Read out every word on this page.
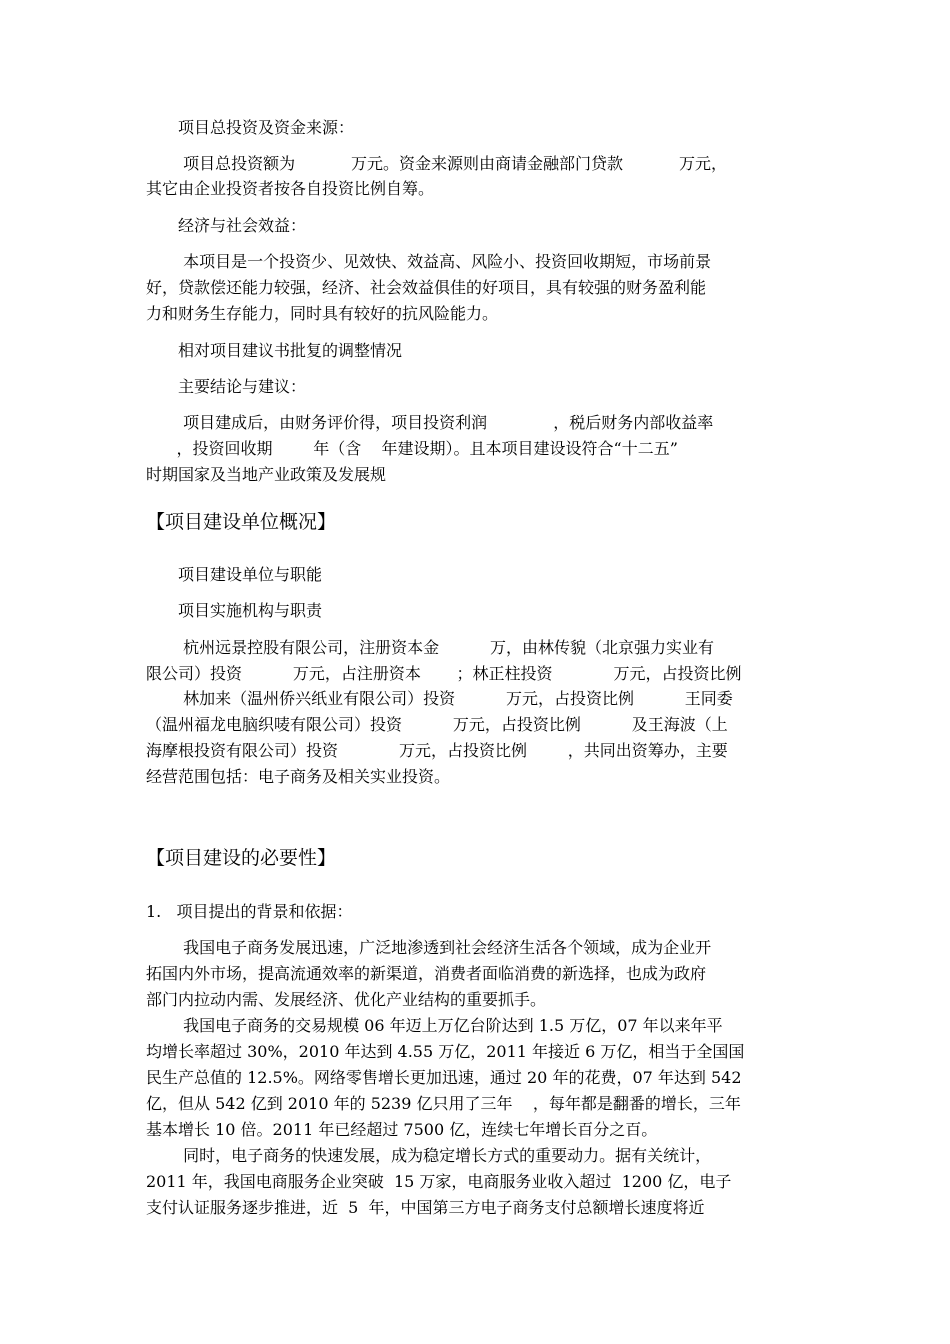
项目总投资及资金来源：
项目总投资额为           万元。资金来源则由商请金融部门贷款           万元，
其它由企业投资者按各自投资比例自筹。
经济与社会效益：
本项目是一个投资少、见效快、效益高、风险小、投资回收期短，市场前景
好，贷款偿还能力较强，经济、社会效益俱佳的好项目，具有较强的财务盈利能
力和财务生存能力，同时具有较好的抗风险能力。
相对项目建议书批复的调整情况
主要结论与建议：
项目建成后，由财务评价得，项目投资利润             ，税后财务内部收益率
，投资回收期        年（含    年建设期）。且本项目建设设符合“十二五”
时期国家及当地产业政策及发展规
【项目建设单位概况】
项目建设单位与职能
项目实施机构与职责
杭州远景控股有限公司，注册资本金          万，由林传貌（北京强力实业有
限公司）投资          万元，占注册资本       ；林正柱投资            万元，占投资比例
林加来（温州侨兴纸业有限公司）投资          万元，占投资比例          王同委
（温州福龙电脑织唛有限公司）投资          万元，占投资比例          及王海波（上
海摩根投资有限公司）投资            万元，占投资比例        ，共同出资筹办，主要
经营范围包括：电子商务及相关实业投资。
【项目建设的必要性】
1.   项目提出的背景和依据：
我国电子商务发展迅速，广泛地渗透到社会经济生活各个领域，成为企业开
拓国内外市场，提高流通效率的新渠道，消费者面临消费的新选择，也成为政府
部门内拉动内需、发展经济、优化产业结构的重要抓手。
我国电子商务的交易规模 06 年迈上万亿台阶达到 1.5 万亿，07 年以来年平
均增长率超过 30%，2010 年达到 4.55 万亿，2011 年接近 6 万亿，相当于全国国
民生产总值的 12.5%。网络零售增长更加迅速，通过 20 年的花费，07 年达到 542
亿，但从 542 亿到 2010 年的 5239 亿只用了三年    ，每年都是翻番的增长，三年
基本增长 10 倍。2011 年已经超过 7500 亿，连续七年增长百分之百。
同时，电子商务的快速发展，成为稳定增长方式的重要动力。据有关统计，
2011 年，我国电商服务企业突破  15 万家，电商服务业收入超过  1200 亿，电子
支付认证服务逐步推进，近  5  年，中国第三方电子商务支付总额增长速度将近
